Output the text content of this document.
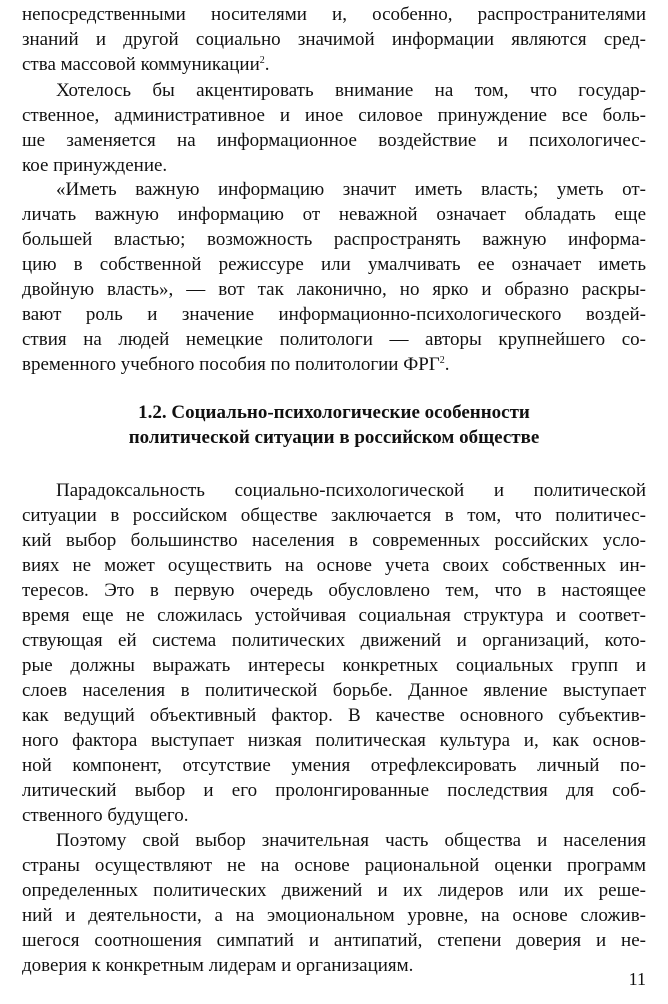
непосредственными носителями и, особенно, распространителями
знаний и другой социально значимой информации являются сред-
ства массовой коммуникации$^2$.
Хотелось бы акцентировать внимание на том, что государ-
ственное, административное и иное силовое принуждение все боль-
ше заменяется на информационное воздействие и психологичес-
кое принуждение.
«Иметь важную информацию значит иметь власть; уметь от-
личать важную информацию от неважной означает обладать еще
большей властью; возможность распространять важную информа-
цию в собственной режиссуре или умалчивать ее означает иметь
двойную власть», — вот так лаконично, но ярко и образно раскры-
вают роль и значение информационно-психологического воздей-
ствия на людей немецкие политологи — авторы крупнейшего со-
временного учебного пособия по политологии ФРГ$^2$.
1.2. Социально-психологические особенности
политической ситуации в российском обществе
Парадоксальность социально-психологической и политической
ситуации в российском обществе заключается в том, что политичес-
кий выбор большинство населения в современных российских усло-
виях не может осуществить на основе учета своих собственных ин-
тересов. Это в первую очередь обусловлено тем, что в настоящее
время еще не сложилась устойчивая социальная структура и соответ-
ствующая ей система политических движений и организаций, кото-
рые должны выражать интересы конкретных социальных групп и
слоев населения в политической борьбе. Данное явление выступает
как ведущий объективный фактор. В качестве основного субъектив-
ного фактора выступает низкая политическая культура и, как основ-
ной компонент, отсутствие умения отрефлексировать личный по-
литический выбор и его пролонгированные последствия для соб-
ственного будущего.
Поэтому свой выбор значительная часть общества и населения
страны осуществляют не на основе рациональной оценки программ
определенных политических движений и их лидеров или их реше-
ний и деятельности, а на эмоциональном уровне, на основе сложив-
шегося соотношения симпатий и антипатий, степени доверия и не-
доверия к конкретным лидерам и организациям.
11
